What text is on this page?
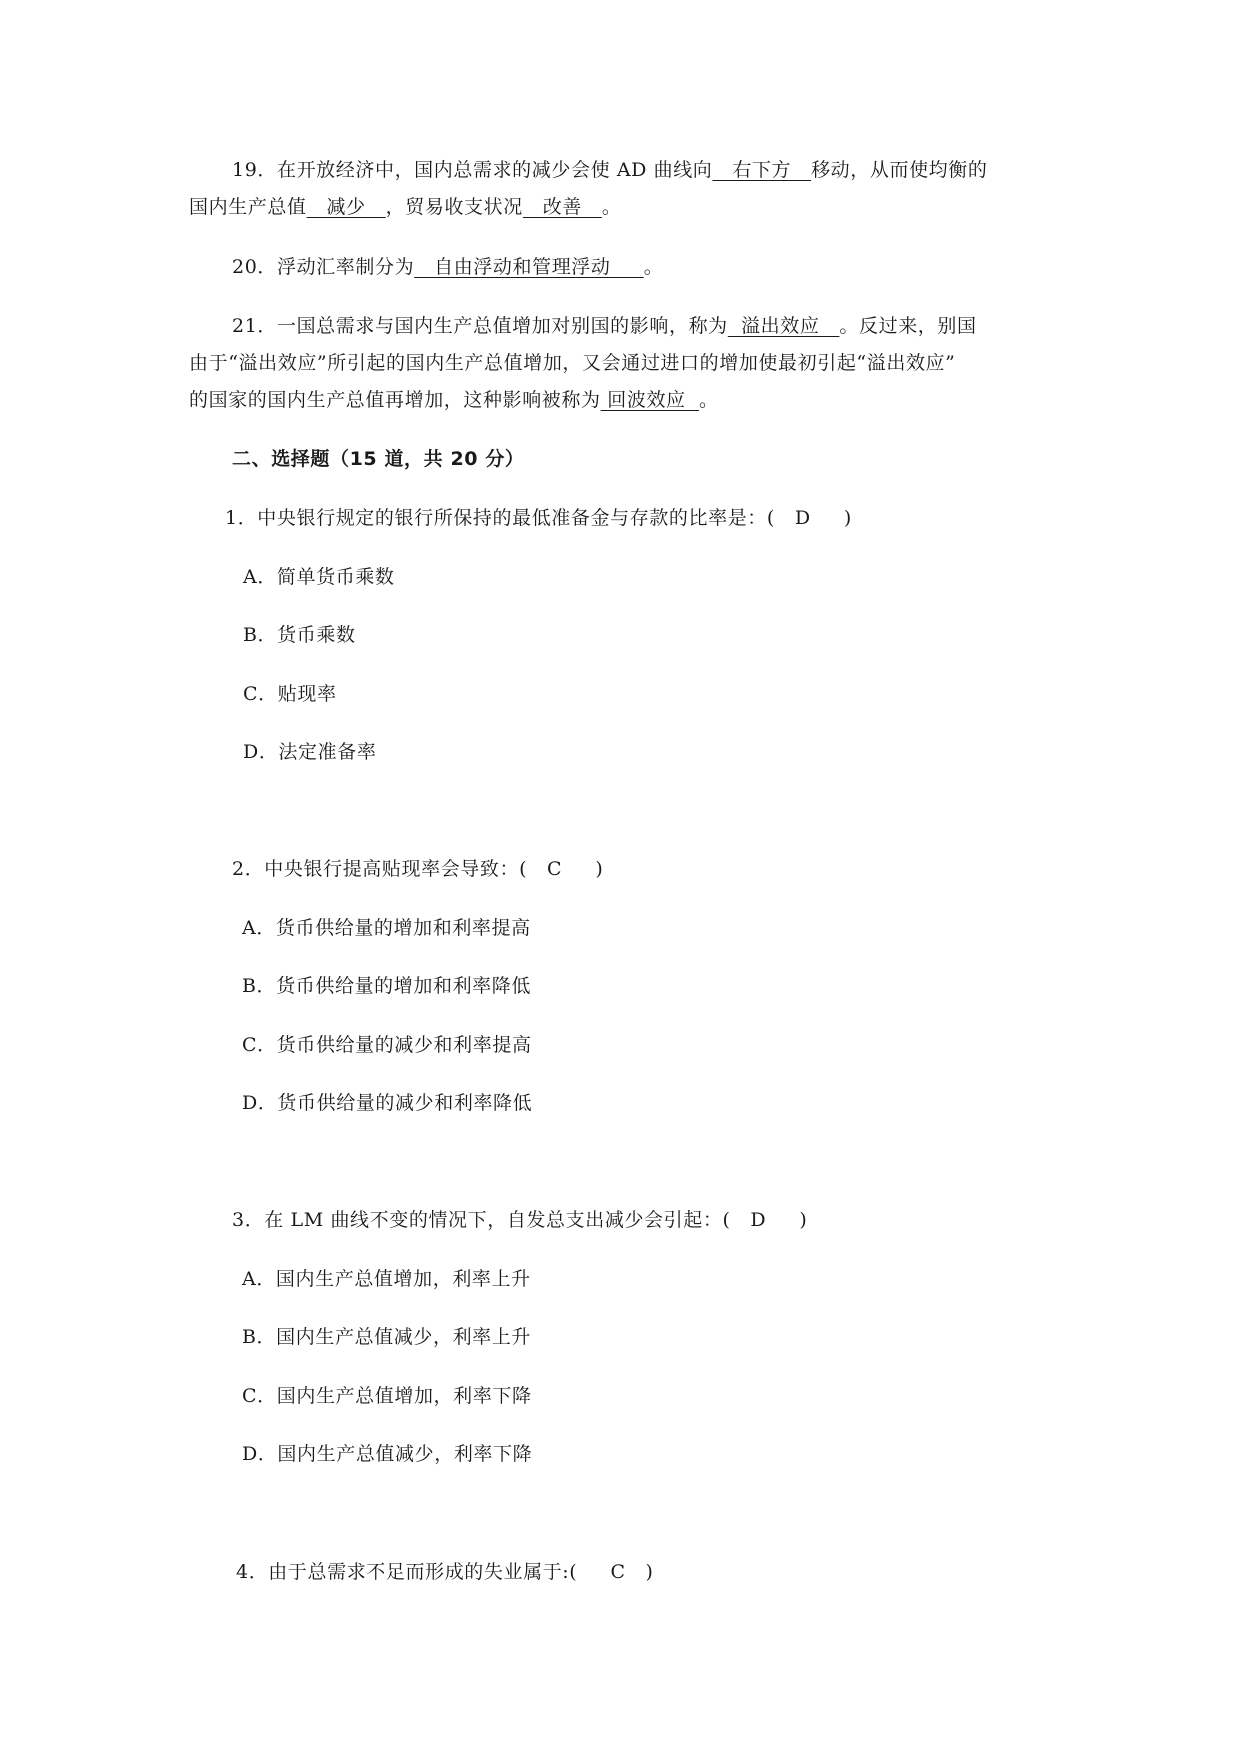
19．在开放经济中，国内总需求的减少会使 AD 曲线向   右下方   移动，从而使均衡的
国内生产总值   减少   ，贸易收支状况   改善   。
20．浮动汇率制分为   自由浮动和管理浮动     。
21．一国总需求与国内生产总值增加对别国的影响，称为  溢出效应   。反过来，别国
由于“溢出效应”所引起的国内生产总值增加，又会通过进口的增加使最初引起“溢出效应”
的国家的国内生产总值再增加，这种影响被称为 回波效应  。
二、选择题（15 道，共 20 分）
1．中央银行规定的银行所保持的最低准备金与存款的比率是：(   D     )
A．简单货币乘数
B．货币乘数
C．贴现率
D．法定准备率
2．中央银行提高贴现率会导致：(   C     )
A．货币供给量的增加和利率提高
B．货币供给量的增加和利率降低
C．货币供给量的减少和利率提高
D．货币供给量的减少和利率降低
3．在 LM 曲线不变的情况下，自发总支出减少会引起：(   D     )
A．国内生产总值增加，利率上升
B．国内生产总值减少，利率上升
C．国内生产总值增加，利率下降
D．国内生产总值减少，利率下降
4．由于总需求不足而形成的失业属于:(     C   )
